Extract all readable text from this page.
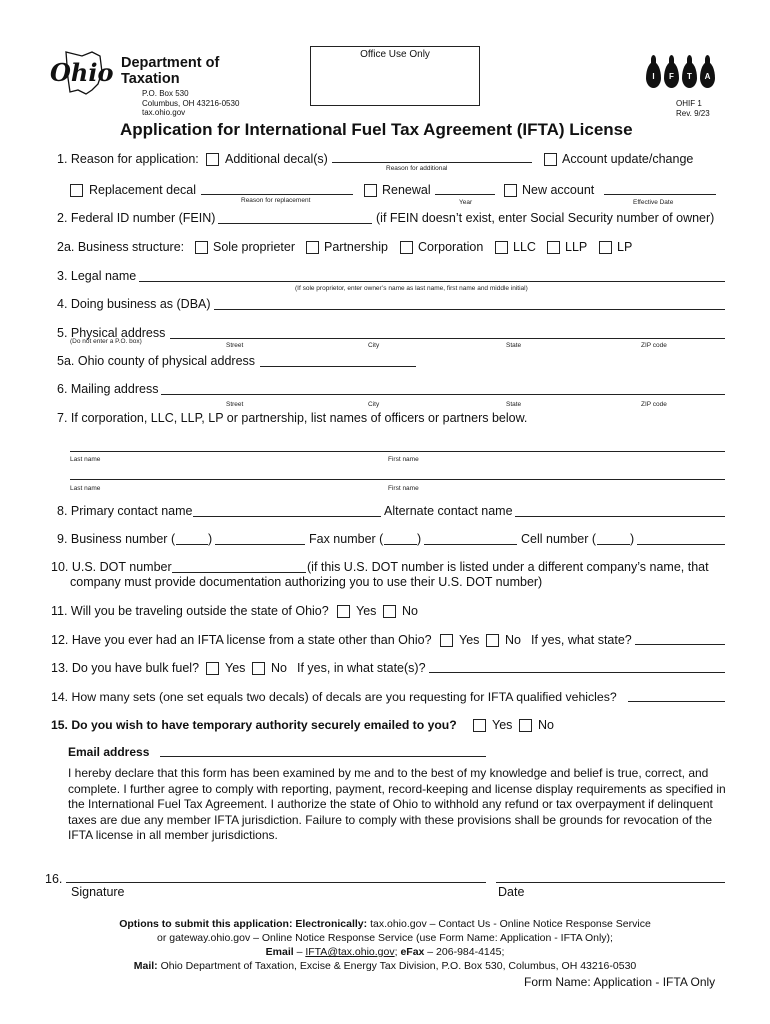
Ohio Department of
Taxation
P.O. Box 530
Columbus, OH 43216-0530
tax.ohio.gov
Office Use Only
I	F	T	A
OHIF 1
Rev. 9/23
Application for International Fuel Tax Agreement (IFTA) License
1. Reason for application: Additional decal(s)
Reason for additional
Account update/change
Replacement decal
Reason for replacement
Renewal
Year
New account
Effective Date
2. Federal ID number (FEIN)	(if FEIN doesn’t exist, enter Social Security number of owner)
2a. Business structure: Sole proprieter Partnership Corporation LLC LLP LP
3. Legal name
(If sole proprietor, enter owner’s name as last name, first name and middle initial)
4. Doing business as (DBA)
5. Physical address
(Do not enter a P.O. box)
Street	City	State	ZIP code
5a. Ohio county of physical address
6. Mailing address
Street	City	State	ZIP code
7. If corporation, LLC, LLP, LP or partnership, list names of officers or partners below.
Last name	First name
Last name	First name
8. Primary contact name	Alternate contact name
9. Business number (	)	Fax number (	)	Cell number (	)
10. U.S. DOT number	(if this U.S. DOT number is listed under a different company’s name, that
company must provide documentation authorizing you to use their U.S. DOT number)
11. Will you be traveling outside the state of Ohio? Yes No
12. Have you ever had an IFTA license from a state other than Ohio? Yes No If yes, what state?
13. Do you have bulk fuel? Yes No If yes, in what state(s)?
14. How many sets (one set equals two decals) of decals are you requesting for IFTA qualified vehicles?
15. Do you wish to have temporary authority securely emailed to you?	Yes No
Email address
I hereby declare that this form has been examined by me and to the best of my knowledge and belief is true, correct, and complete. I further agree to comply with reporting, payment, record-keeping and license display requirements as specified in the International Fuel Tax Agreement. I authorize the state of Ohio to withhold any refund or tax overpayment if delinquent taxes are due any member IFTA jurisdiction. Failure to comply with these provisions shall be grounds for revocation of the IFTA license in all member jurisdictions.
16.
Signature	Date
Options to submit this application: Electronically: tax.ohio.gov – Contact Us - Online Notice Response Service
or gateway.ohio.gov – Online Notice Response Service (use Form Name: Application - IFTA Only);
Email – IFTA@tax.ohio.gov; eFax – 206-984-4145;
Mail: Ohio Department of Taxation, Excise & Energy Tax Division, P.O. Box 530, Columbus, OH 43216-0530
Form Name: Application - IFTA Only
